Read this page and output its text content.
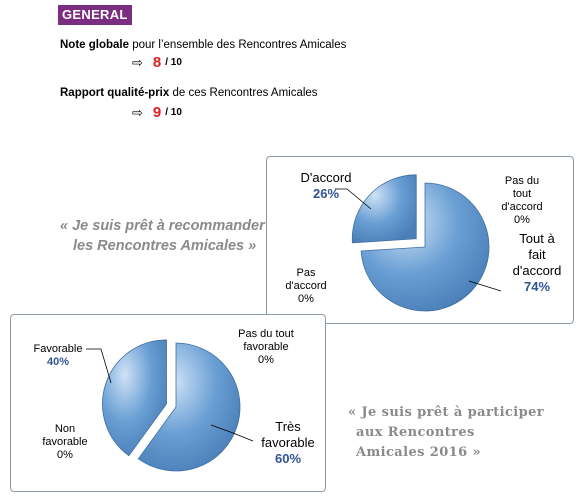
GENERAL
Note globale pour l’ensemble des Rencontres Amicales
⇨ 8 / 10
Rapport qualité-prix de ces Rencontres Amicales
⇨ 9 / 10
« Je suis prêt à recommander
les Rencontres Amicales »
« Je suis prêt à participer
aux Rencontres
Amicales 2016 »
D'accord
26%
Pas du
tout
d'accord
0%
Pas
d'accord
0%
Tout à
fait
d'accord
74%
Favorable
40%
Pas du tout
favorable
0%
Non
favorable
0%
Très
favorable
60%
